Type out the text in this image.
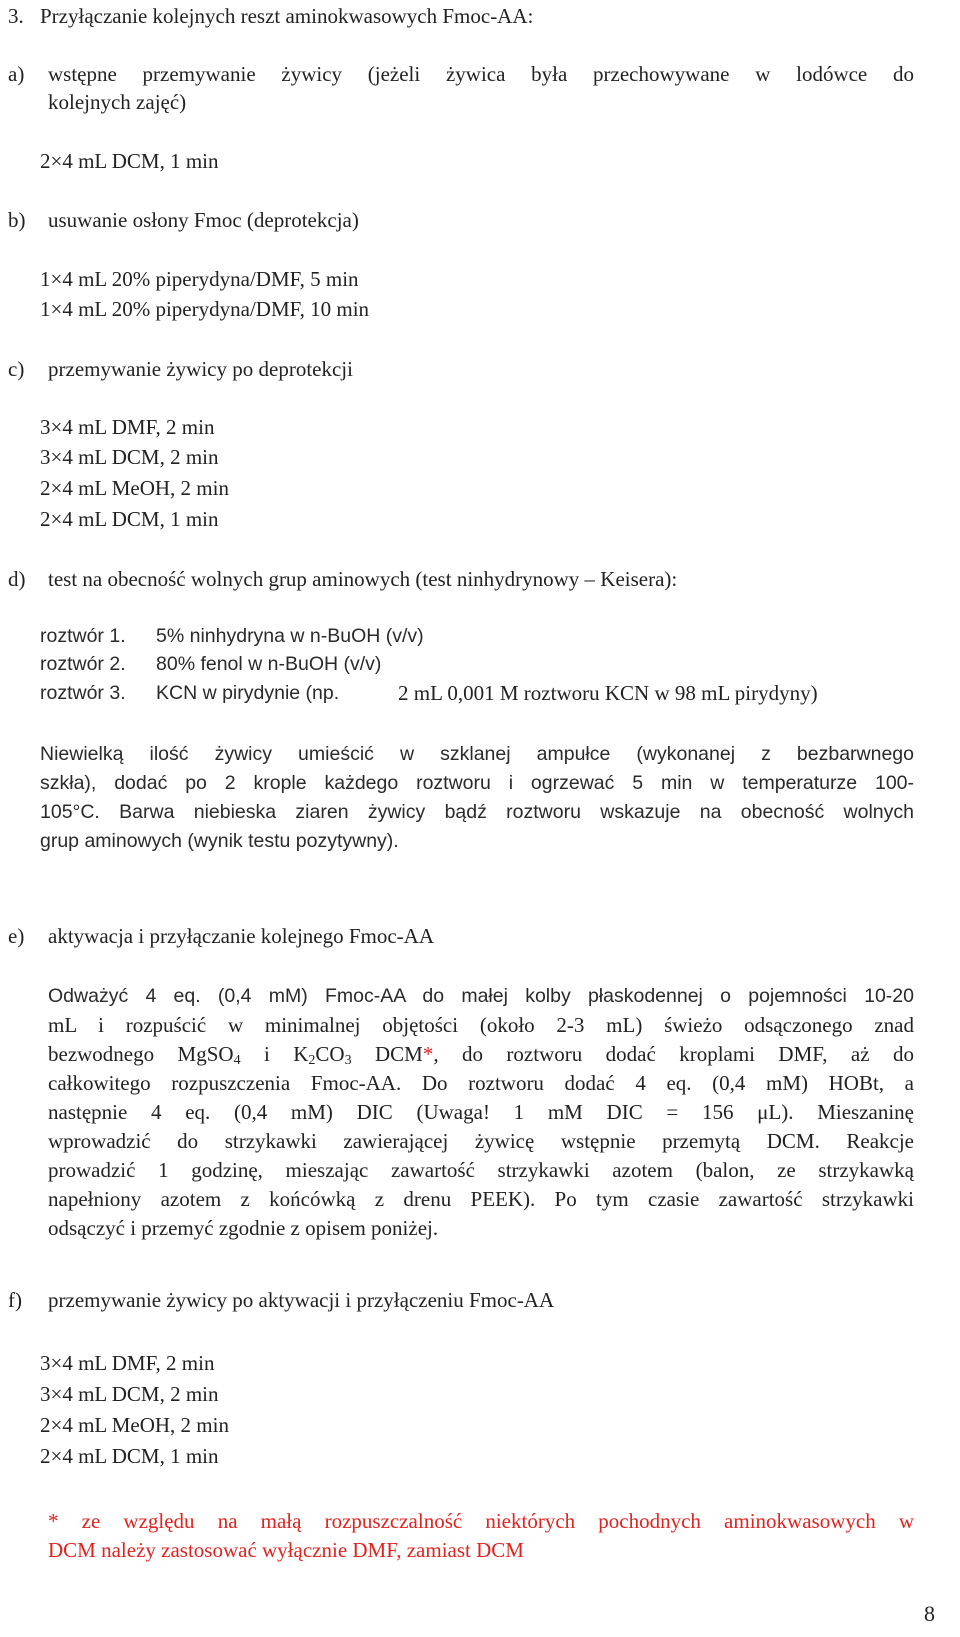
3. Przyłączanie kolejnych reszt aminokwasowych Fmoc-AA:
a) wstępne przemywanie żywicy (jeżeli żywica była przechowywane w lodówce do
kolejnych zajęć)
2×4 mL DCM, 1 min
b) usuwanie osłony Fmoc (deprotekcja)
1×4 mL 20% piperydyna/DMF, 5 min
1×4 mL 20% piperydyna/DMF, 10 min
c) przemywanie żywicy po deprotekcji
3×4 mL DMF, 2 min
3×4 mL DCM, 2 min
2×4 mL MeOH, 2 min
2×4 mL DCM, 1 min
d) test na obecność wolnych grup aminowych (test ninhydrynowy – Keisera):
roztwór 1. 5% ninhydryna w n-BuOH (v/v)
roztwór 2. 80% fenol w n-BuOH (v/v)
roztwór 3. KCN w pirydynie (np.	2 mL 0,001 M roztworu KCN w 98 mL pirydyny)
Niewielką ilość żywicy umieścić w szklanej ampułce (wykonanej z bezbarwnego
szkła), dodać po 2 krople każdego roztworu i ogrzewać 5 min w temperaturze 100-
105°C. Barwa niebieska ziaren żywicy bądź roztworu wskazuje na obecność wolnych
grup aminowych (wynik testu pozytywny).
e) aktywacja i przyłączanie kolejnego Fmoc-AA
Odważyć 4 eq. (0,4 mM) Fmoc-AA do małej kolby płaskodennej o pojemności 10-20
mL i rozpuścić w minimalnej objętości (około 2-3 mL) świeżo odsączonego znad
bezwodnego MgSO$_4$ i $K_2CO_3$ DCM*, do roztworu dodać kroplami DMF, aż do
całkowitego rozpuszczenia Fmoc-AA. Do roztworu dodać 4 eq. (0,4 mM) HOBt, a
następnie 4 eq. (0,4 mM) DIC (Uwaga! 1 mM DIC = 156 μL). Mieszaninę
wprowadzić do strzykawki zawierającej żywicę wstępnie przemytą DCM. Reakcje
prowadzić 1 godzinę, mieszając zawartość strzykawki azotem (balon, ze strzykawką
napełniony azotem z końcówką z drenu PEEK). Po tym czasie zawartość strzykawki
odsączyć i przemyć zgodnie z opisem poniżej.
f) przemywanie żywicy po aktywacji i przyłączeniu Fmoc-AA
3×4 mL DMF, 2 min
3×4 mL DCM, 2 min
2×4 mL MeOH, 2 min
2×4 mL DCM, 1 min
* ze względu na małą rozpuszczalność niektórych pochodnych aminokwasowych w
DCM należy zastosować wyłącznie DMF, zamiast DCM
8
